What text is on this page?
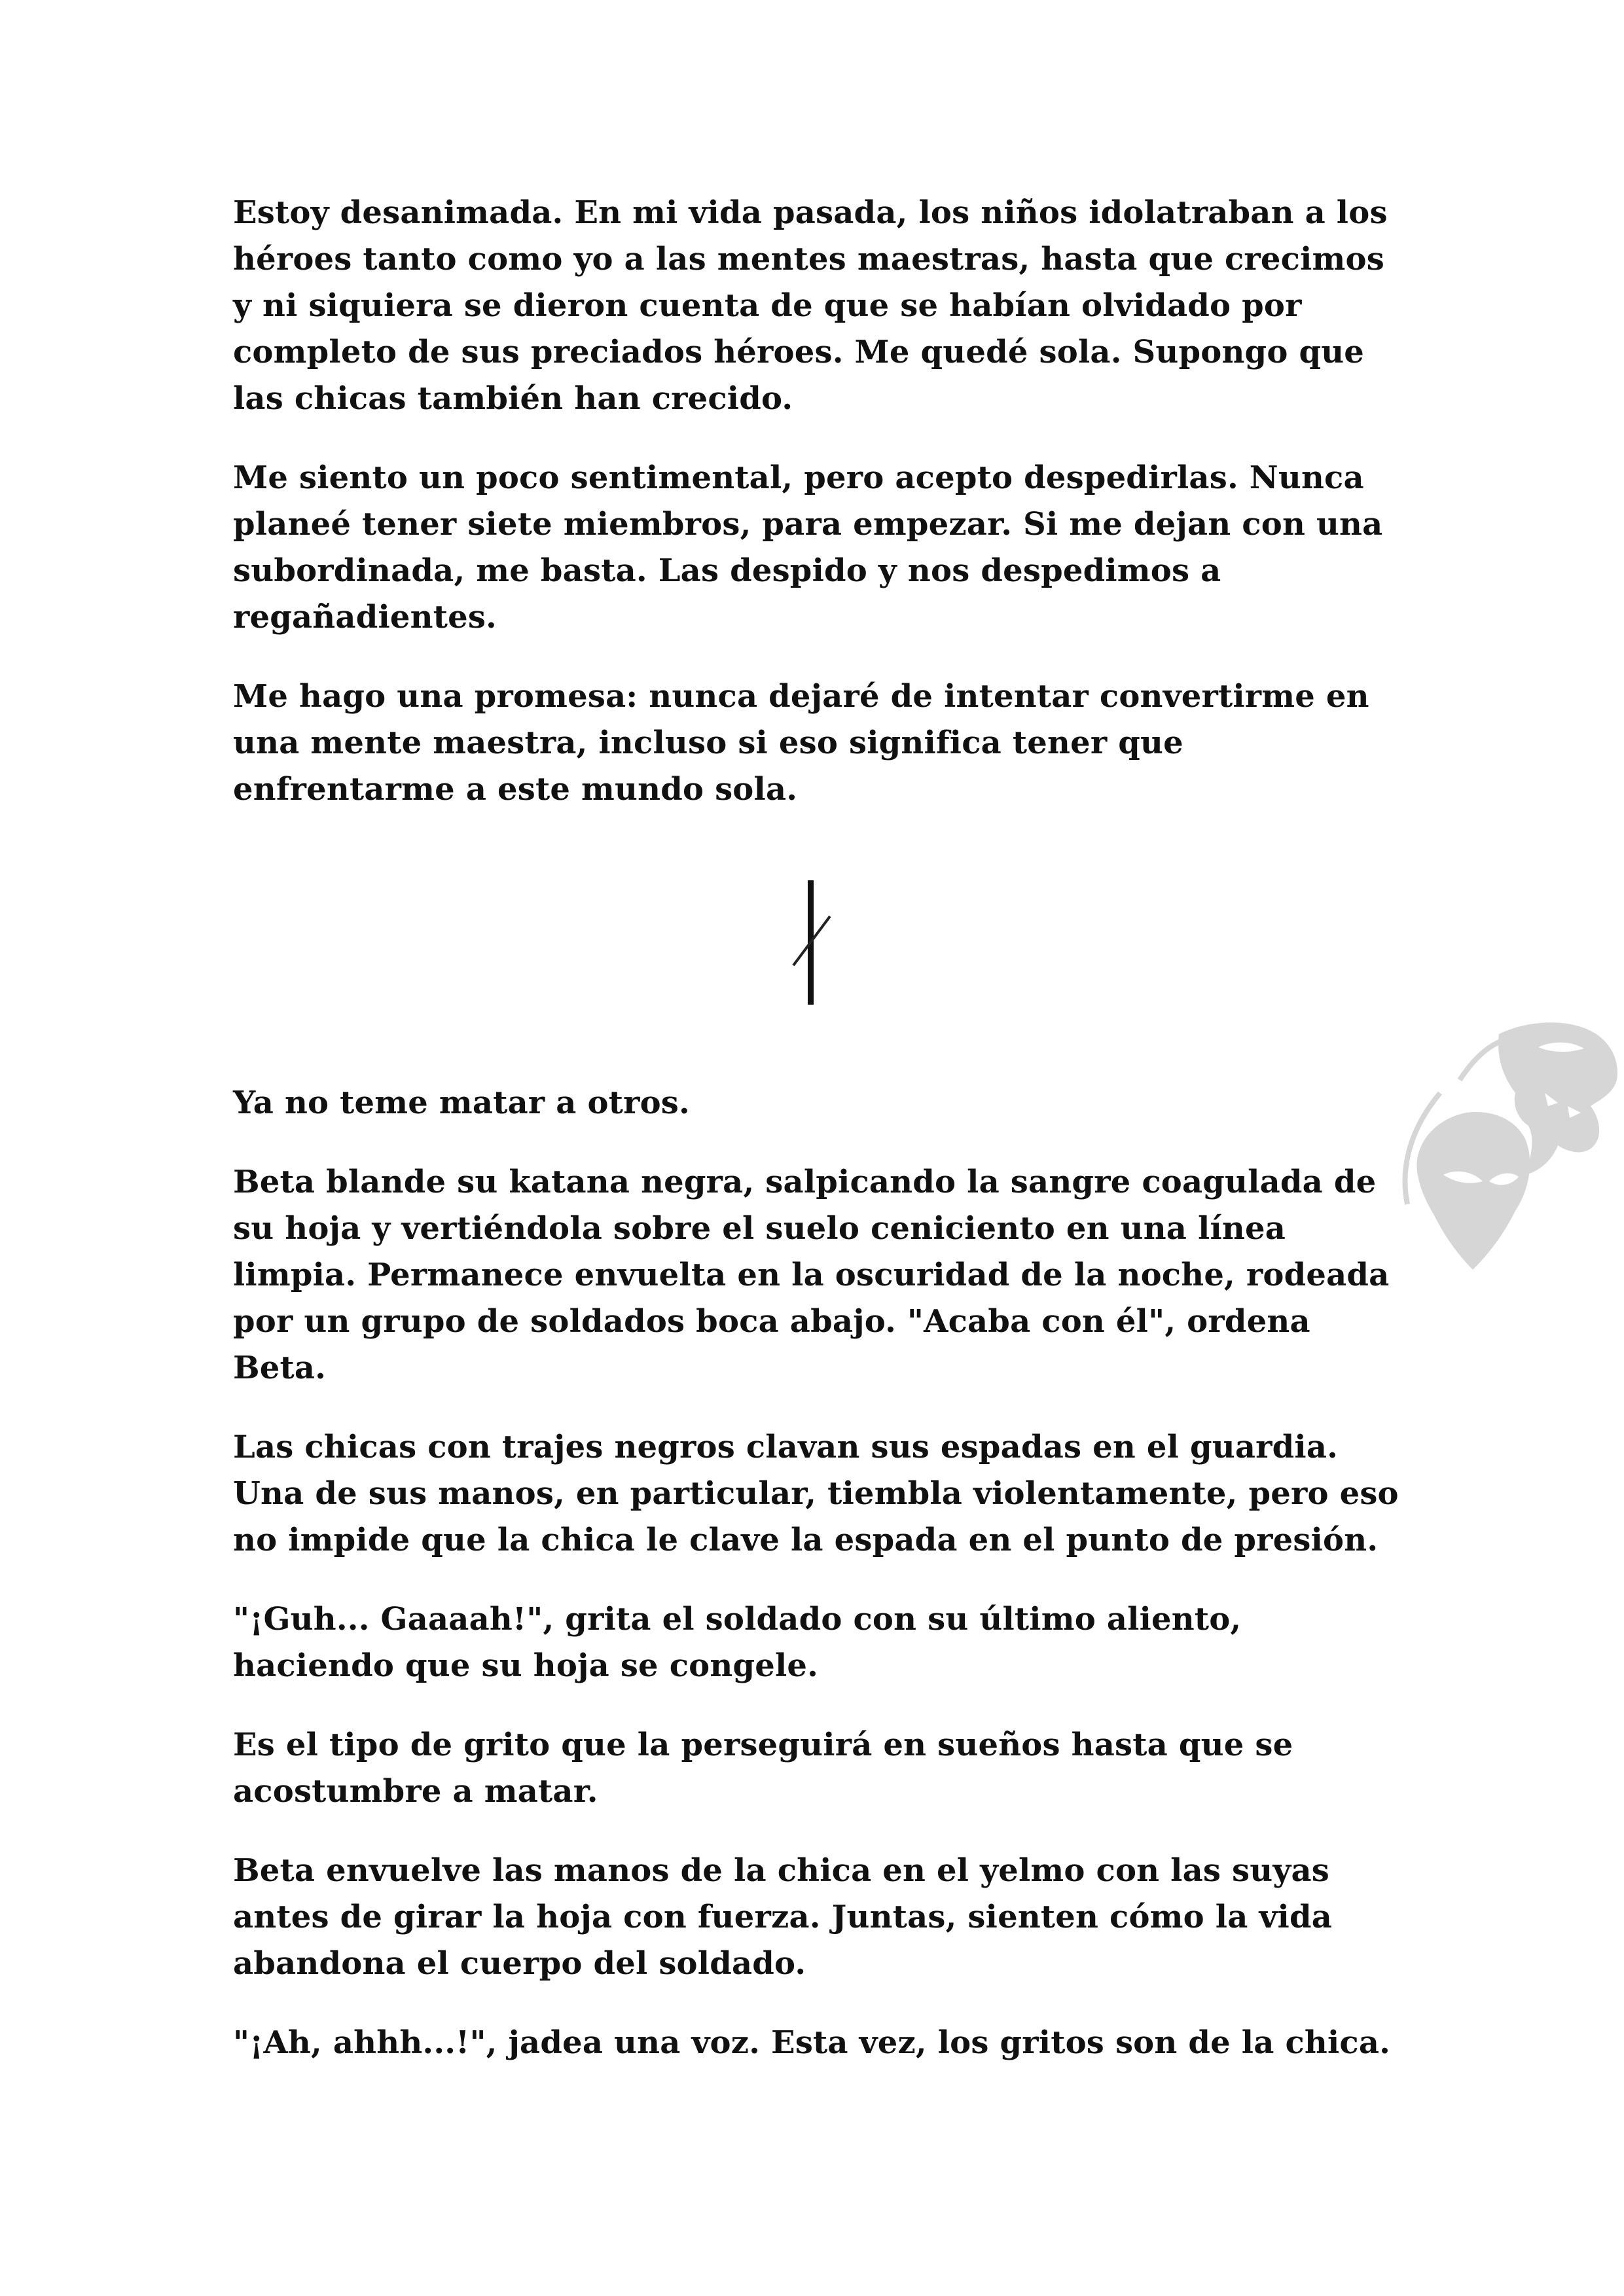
Estoy desanimada. En mi vida pasada, los niños idolatraban a los héroes tanto como yo a las mentes maestras, hasta que crecimos y ni siquiera se dieron cuenta de que se habían olvidado por completo de sus preciados héroes. Me quedé sola. Supongo que las chicas también han crecido.

Me siento un poco sentimental, pero acepto despedirlas. Nunca planeé tener siete miembros, para empezar. Si me dejan con una subordinada, me basta. Las despido y nos despedimos a regañadientes.

Me hago una promesa: nunca dejaré de intentar convertirme en una mente maestra, incluso si eso significa tener que enfrentarme a este mundo sola.

Ya no teme matar a otros.

Beta blande su katana negra, salpicando la sangre coagulada de su hoja y vertiéndola sobre el suelo ceniciento en una línea limpia. Permanece envuelta en la oscuridad de la noche, rodeada por un grupo de soldados boca abajo. "Acaba con él", ordena Beta.

Las chicas con trajes negros clavan sus espadas en el guardia. Una de sus manos, en particular, tiembla violentamente, pero eso no impide que la chica le clave la espada en el punto de presión.

"¡Guh... Gaaaah!", grita el soldado con su último aliento, haciendo que su hoja se congele.

Es el tipo de grito que la perseguirá en sueños hasta que se acostumbre a matar.

Beta envuelve las manos de la chica en el yelmo con las suyas antes de girar la hoja con fuerza. Juntas, sienten cómo la vida abandona el cuerpo del soldado.

"¡Ah, ahhh...!", jadea una voz. Esta vez, los gritos son de la chica.
